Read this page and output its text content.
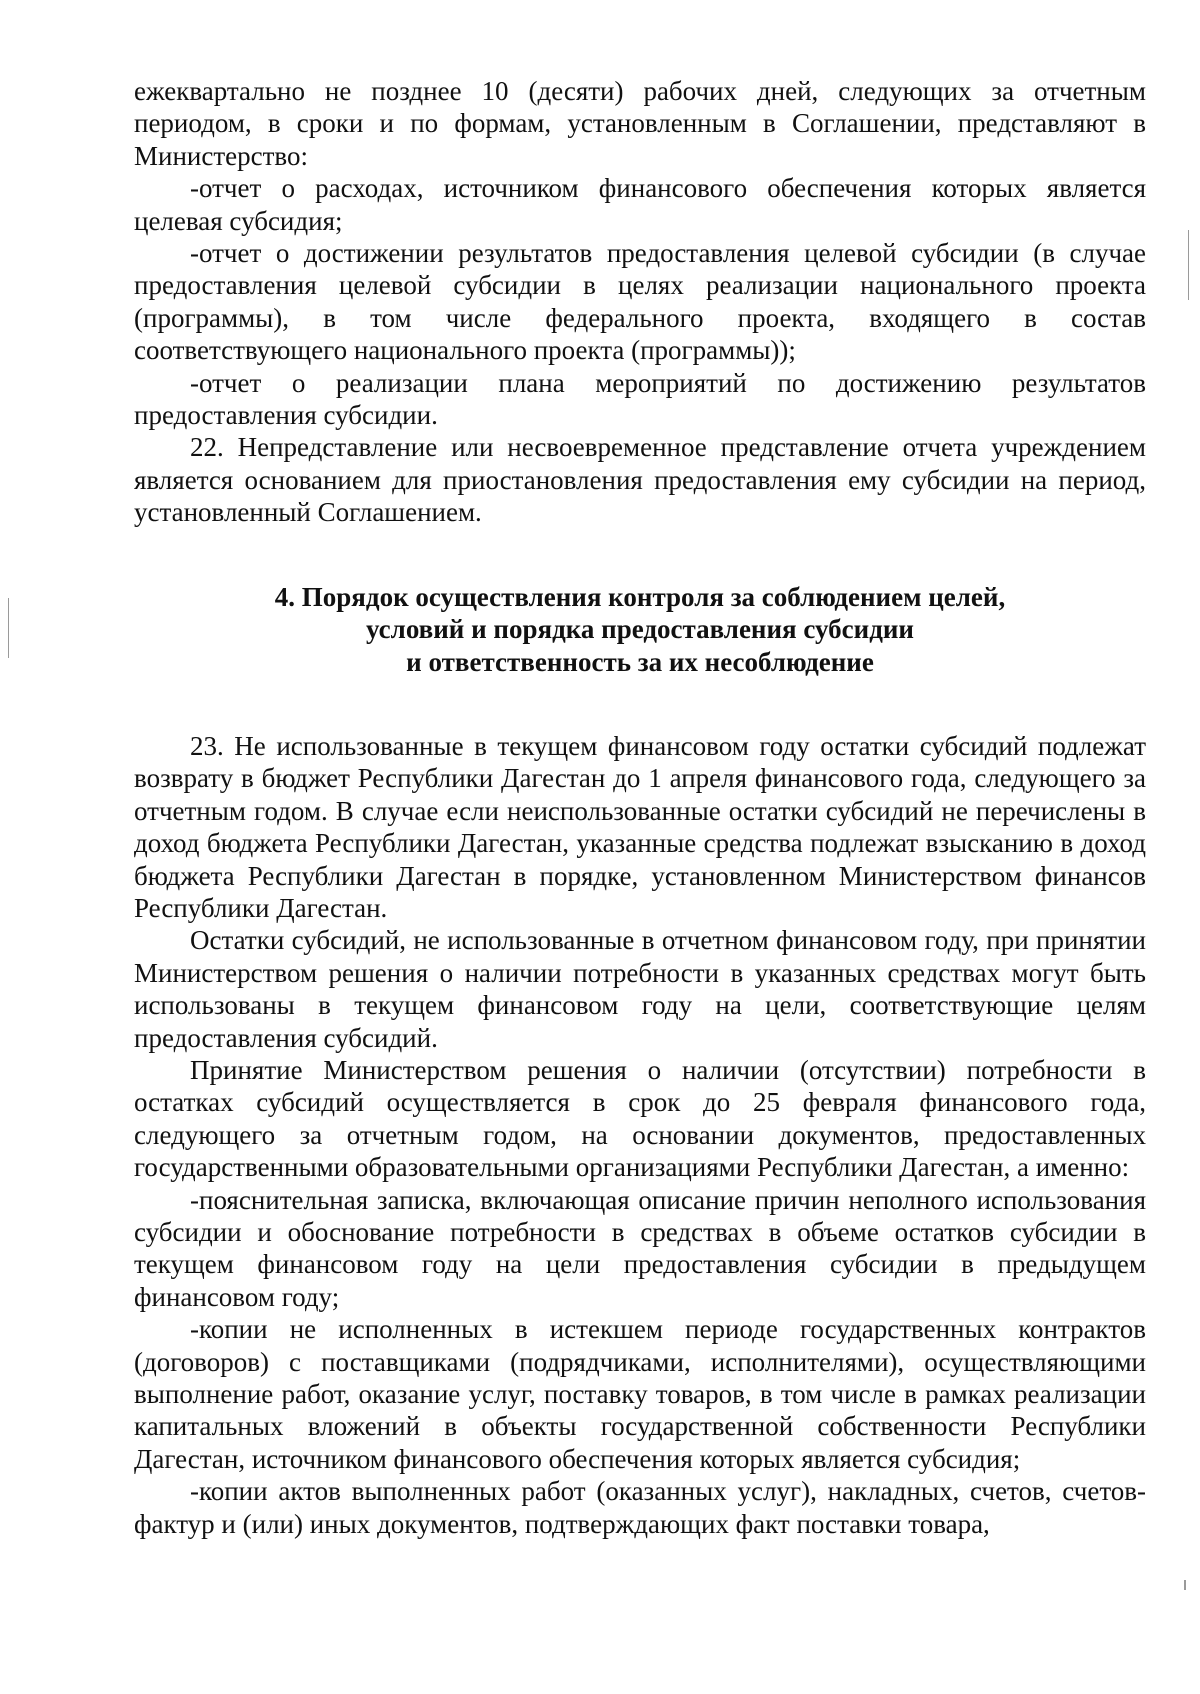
ежеквартально не позднее 10 (десяти) рабочих дней, следующих за отчетным периодом, в сроки и по формам, установленным в Соглашении, представляют в Министерство:

-отчет о расходах, источником финансового обеспечения которых является целевая субсидия;

-отчет о достижении результатов предоставления целевой субсидии (в случае предоставления целевой субсидии в целях реализации национального проекта (программы), в том числе федерального проекта, входящего в состав соответствующего национального проекта (программы));

-отчет о реализации плана мероприятий по достижению результатов предоставления субсидии.

22. Непредставление или несвоевременное представление отчета учреждением является основанием для приостановления предоставления ему субсидии на период, установленный Соглашением.

4. Порядок осуществления контроля за соблюдением целей,
условий и порядка предоставления субсидии
и ответственность за их несоблюдение

23. Не использованные в текущем финансовом году остатки субсидий подлежат возврату в бюджет Республики Дагестан до 1 апреля финансового года, следующего за отчетным годом. В случае если неиспользованные остатки субсидий не перечислены в доход бюджета Республики Дагестан, указанные средства подлежат взысканию в доход бюджета Республики Дагестан в порядке, установленном Министерством финансов Республики Дагестан.

Остатки субсидий, не использованные в отчетном финансовом году, при принятии Министерством решения о наличии потребности в указанных средствах могут быть использованы в текущем финансовом году на цели, соответствующие целям предоставления субсидий.

Принятие Министерством решения о наличии (отсутствии) потребности в остатках субсидий осуществляется в срок до 25 февраля финансового года, следующего за отчетным годом, на основании документов, предоставленных государственными образовательными организациями Республики Дагестан, а именно:

-пояснительная записка, включающая описание причин неполного использования субсидии и обоснование потребности в средствах в объеме остатков субсидии в текущем финансовом году на цели предоставления субсидии в предыдущем финансовом году;

-копии не исполненных в истекшем периоде государственных контрактов (договоров) с поставщиками (подрядчиками, исполнителями), осуществляющими выполнение работ, оказание услуг, поставку товаров, в том числе в рамках реализации капитальных вложений в объекты государственной собственности Республики Дагестан, источником финансового обеспечения которых является субсидия;

-копии актов выполненных работ (оказанных услуг), накладных, счетов, счетов-фактур и (или) иных документов, подтверждающих факт поставки товара,
